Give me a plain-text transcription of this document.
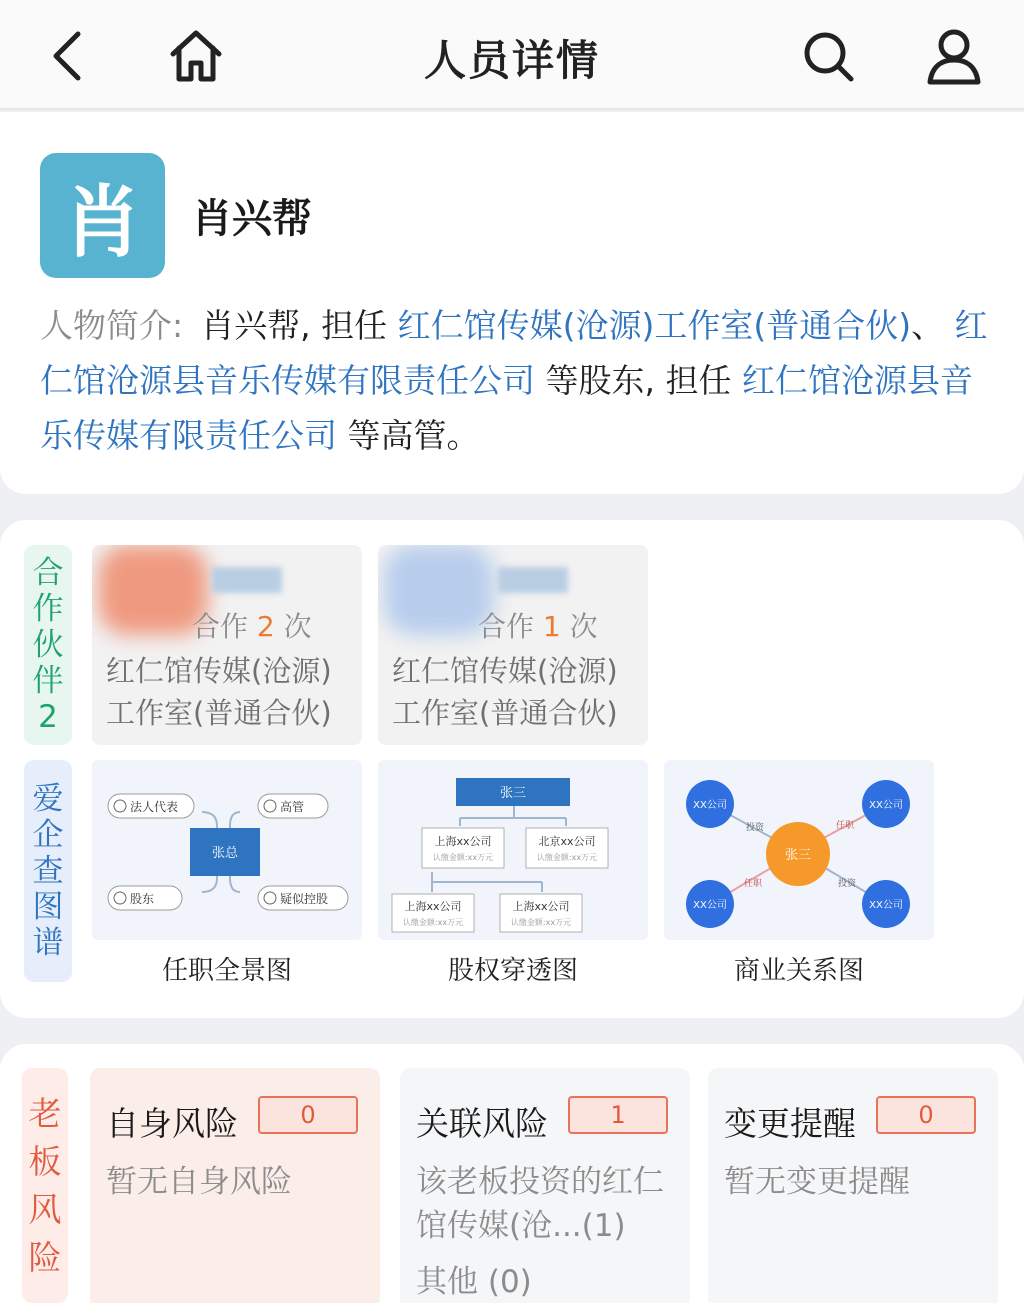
人员详情
肖	肖兴帮
人物简介: 肖兴帮, 担任 红仁馆传媒(沧源)工作室(普通合伙)、 红仁馆沧源县音乐传媒有限责任公司 等股东, 担任 红仁馆沧源县音乐传媒有限责任公司 等高管。
合
作
伙
伴
2
合作 2 次
红仁馆传媒(沧源)工作室(普通合伙)
合作 1 次
红仁馆传媒(沧源)工作室(普通合伙)
爱
企
查
图
谱
张总
法人代表	高管
股东	疑似控股
任职全景图
张三
上海xx公司
认缴金额:xx万元
北京xx公司
认缴金额:xx万元
上海xx公司
认缴金额:xx万元
上海xx公司
认缴金额:xx万元
股权穿透图
投资	任职
任职	投资
XX公司	XX公司
XX公司	XX公司
张三
商业关系图
老
板
风
险
自身风险	0
暂无自身风险
关联风险	1
该老板投资的红仁馆传媒(沧...(1)
其他 (0)
变更提醒	0
暂无变更提醒
